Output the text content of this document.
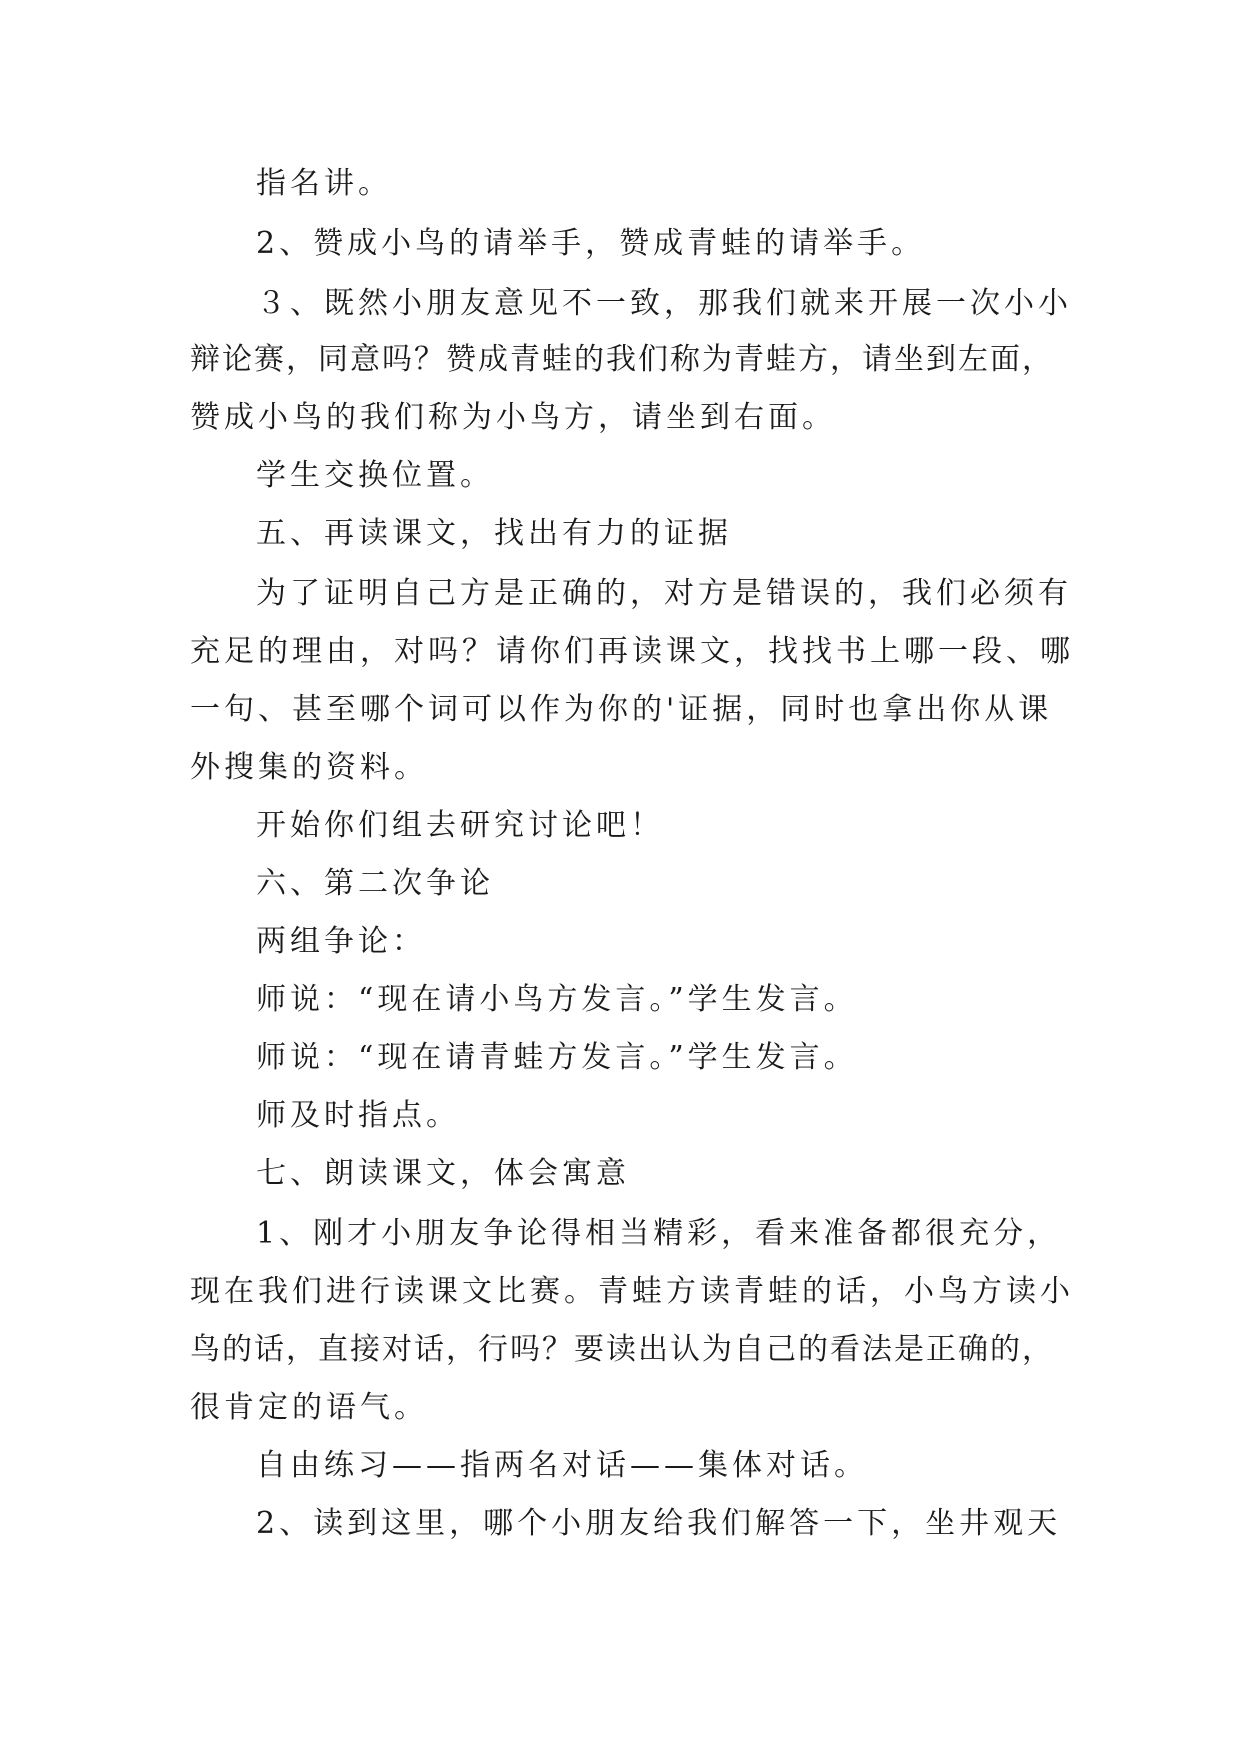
指名讲。
2、赞成小鸟的请举手，赞成青蛙的请举手。
３、既然小朋友意见不一致，那我们就来开展一次小小
辩论赛，同意吗？赞成青蛙的我们称为青蛙方，请坐到左面，
赞成小鸟的我们称为小鸟方，请坐到右面。
学生交换位置。
五、再读课文，找出有力的证据
为了证明自己方是正确的，对方是错误的，我们必须有
充足的理由，对吗？请你们再读课文，找找书上哪一段、哪
一句、甚至哪个词可以作为你的'证据，同时也拿出你从课
外搜集的资料。
开始你们组去研究讨论吧！
六、第二次争论
两组争论：
师说：“现在请小鸟方发言。”学生发言。
师说：“现在请青蛙方发言。”学生发言。
师及时指点。
七、朗读课文，体会寓意
1、刚才小朋友争论得相当精彩，看来准备都很充分，
现在我们进行读课文比赛。青蛙方读青蛙的话，小鸟方读小
鸟的话，直接对话，行吗？要读出认为自己的看法是正确的，
很肯定的语气。
自由练习——指两名对话——集体对话。
2、读到这里，哪个小朋友给我们解答一下，坐井观天
